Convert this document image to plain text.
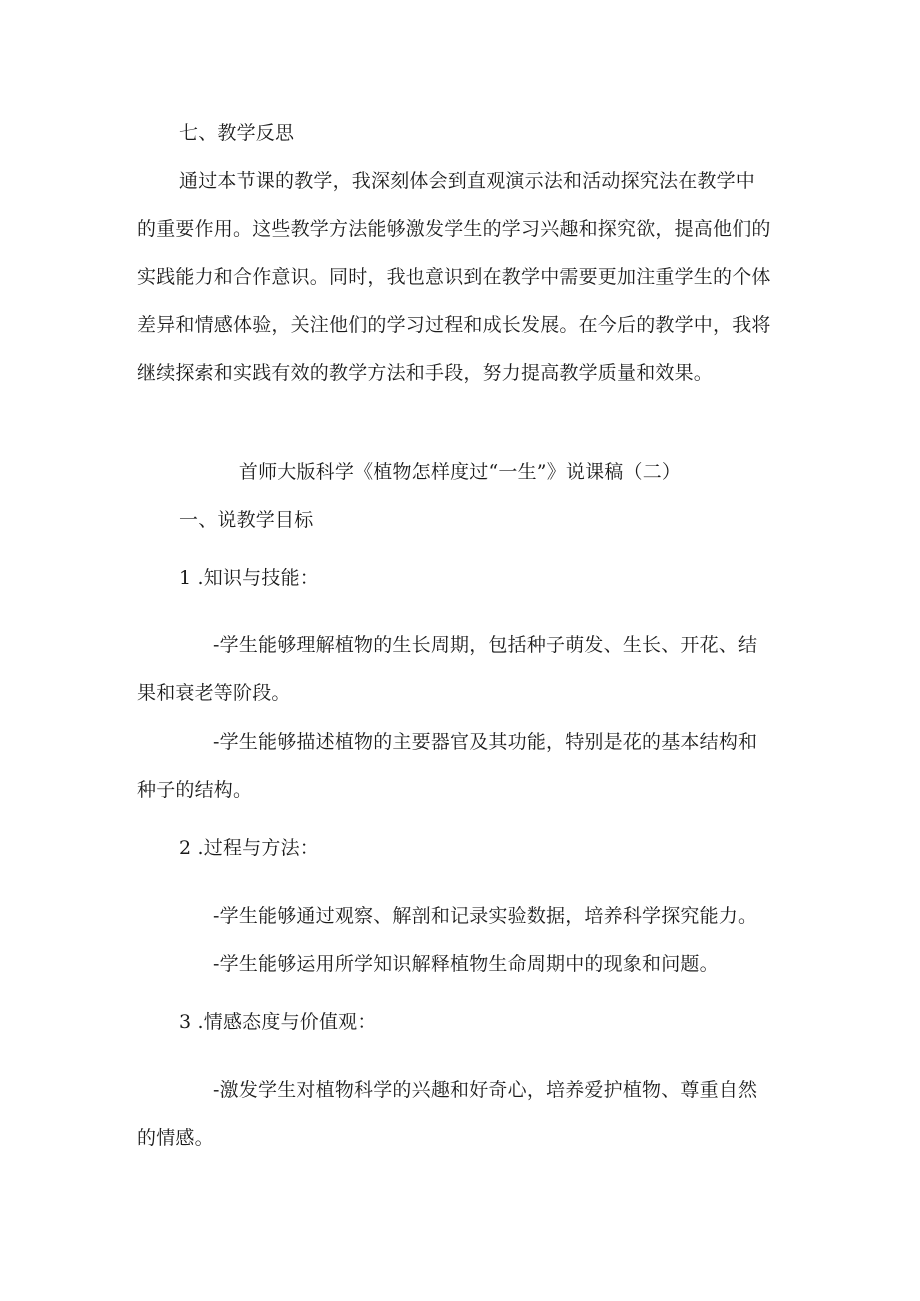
七、教学反思
通过本节课的教学，我深刻体会到直观演示法和活动探究法在教学中
的重要作用。这些教学方法能够激发学生的学习兴趣和探究欲，提高他们的
实践能力和合作意识。同时，我也意识到在教学中需要更加注重学生的个体
差异和情感体验，关注他们的学习过程和成长发展。在今后的教学中，我将
继续探索和实践有效的教学方法和手段，努力提高教学质量和效果。
首师大版科学《植物怎样度过“一生”》说课稿（二）
一、说教学目标
1 .知识与技能：
-学生能够理解植物的生长周期，包括种子萌发、生长、开花、结
果和衰老等阶段。
-学生能够描述植物的主要器官及其功能，特别是花的基本结构和
种子的结构。
2 .过程与方法：
-学生能够通过观察、解剖和记录实验数据，培养科学探究能力。
-学生能够运用所学知识解释植物生命周期中的现象和问题。
3 .情感态度与价值观：
-激发学生对植物科学的兴趣和好奇心，培养爱护植物、尊重自然
的情感。
